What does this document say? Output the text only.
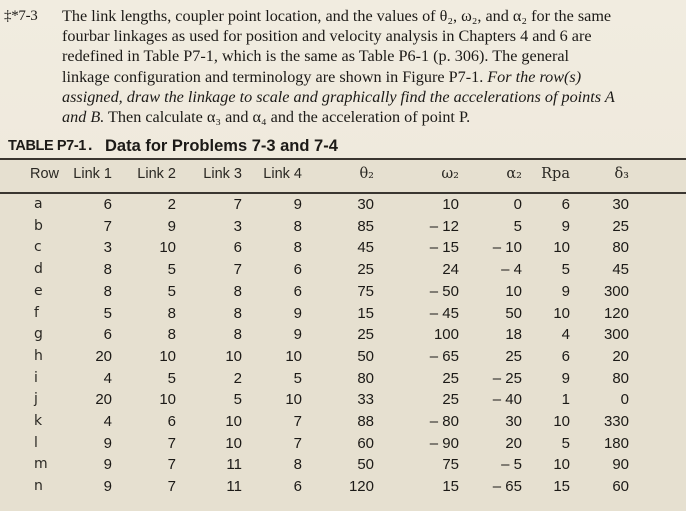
‡*7-3	The link lengths, coupler point location, and the values of θ₂, ω₂, and α₂ for the same
fourbar linkages as used for position and velocity analysis in Chapters 4 and 6 are
redefined in Table P7-1, which is the same as Table P6-1 (p. 306). The general
linkage configuration and terminology are shown in Figure P7-1. For the row(s)
assigned, draw the linkage to scale and graphically find the accelerations of points A
and B. Then calculate α₃ and α₄ and the acceleration of point P.
TABLE P7-1 . Data for Problems 7-3 and 7-4
Row Link 1	Link 2	Link 3	Link 4	θ₂	ω₂	α₂	Rpa	δ₃
a	6	2	7	9	30	10	0	6	30
b	7	9	3	8	85	– 12	5	9	25
c	3	10	6	8	45	– 15	– 10	10	80
d	8	5	7	6	25	24	– 4	5	45
e	8	5	8	6	75	– 50	10	9	300
f	5	8	8	9	15	– 45	50	10	120
g	6	8	8	9	25	100	18	4	300
h	20	10	10	10	50	– 65	25	6	20
i	4	5	2	5	80	25	– 25	9	80
j	20	10	5	10	33	25	– 40	1	0
k	4	6	10	7	88	– 80	30	10	330
l	9	7	10	7	60	– 90	20	5	180
m	9	7	11	8	50	75	– 5	10	90
n	9	7	11	6	120	15	– 65	15	60
